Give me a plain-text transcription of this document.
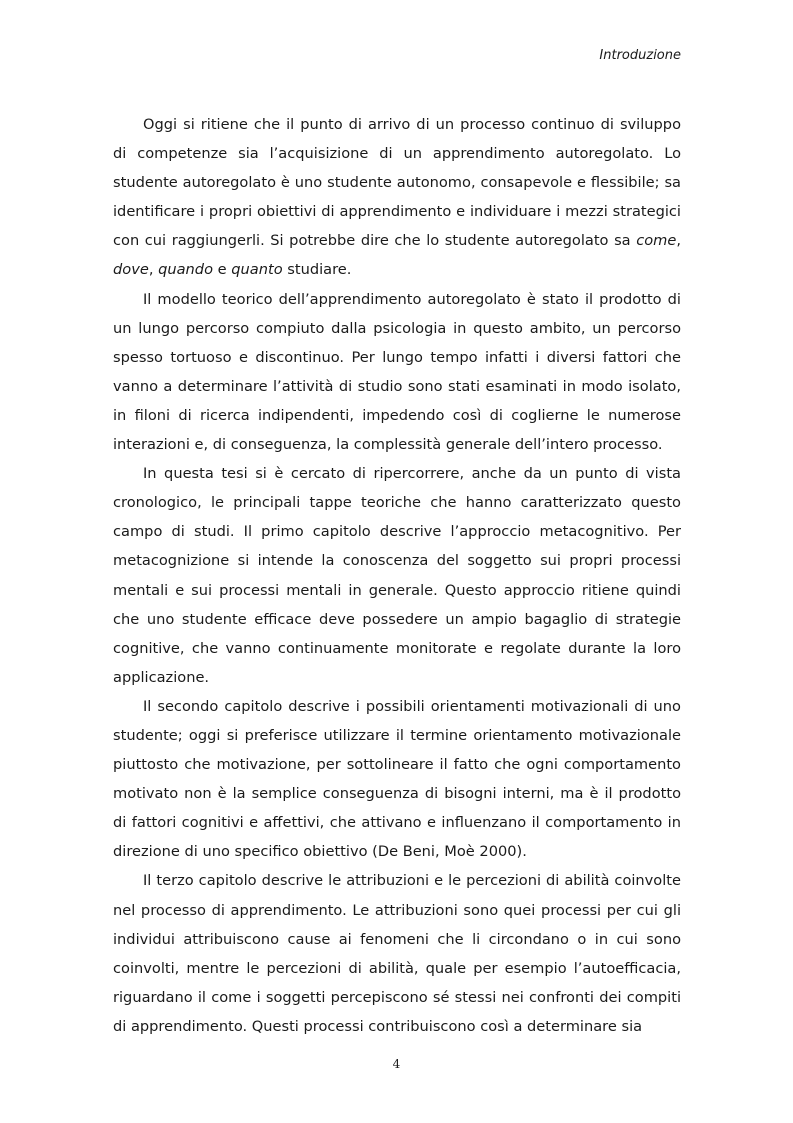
Introduzione

Oggi si ritiene che il punto di arrivo di un processo continuo di sviluppo di competenze sia l’acquisizione di un apprendimento autoregolato. Lo studente autoregolato è uno studente autonomo, consapevole e flessibile; sa identificare i propri obiettivi di apprendimento e individuare i mezzi strategici con cui raggiungerli. Si potrebbe dire che lo studente autoregolato sa come, dove, quando e quanto studiare.

Il modello teorico dell’apprendimento autoregolato è stato il prodotto di un lungo percorso compiuto dalla psicologia in questo ambito, un percorso spesso tortuoso e discontinuo. Per lungo tempo infatti i diversi fattori che vanno a determinare l’attività di studio sono stati esaminati in modo isolato, in filoni di ricerca indipendenti, impedendo così di coglierne le numerose interazioni e, di conseguenza, la complessità generale dell’intero processo.

In questa tesi si è cercato di ripercorrere, anche da un punto di vista cronologico, le principali tappe teoriche che hanno caratterizzato questo campo di studi. Il primo capitolo descrive l’approccio metacognitivo. Per metacognizione si intende la conoscenza del soggetto sui propri processi mentali e sui processi mentali in generale. Questo approccio ritiene quindi che uno studente efficace deve possedere un ampio bagaglio di strategie cognitive, che vanno continuamente monitorate e regolate durante la loro applicazione.

Il secondo capitolo descrive i possibili orientamenti motivazionali di uno studente; oggi si preferisce utilizzare il termine orientamento motivazionale piuttosto che motivazione, per sottolineare il fatto che ogni comportamento motivato non è la semplice conseguenza di bisogni interni, ma è il prodotto di fattori cognitivi e affettivi, che attivano e influenzano il comportamento in direzione di uno specifico obiettivo (De Beni, Moè 2000).

Il terzo capitolo descrive le attribuzioni e le percezioni di abilità coinvolte nel processo di apprendimento. Le attribuzioni sono quei processi per cui gli individui attribuiscono cause ai fenomeni che li circondano o in cui sono coinvolti, mentre le percezioni di abilità, quale per esempio l’autoefficacia, riguardano il come i soggetti percepiscono sé stessi nei confronti dei compiti di apprendimento. Questi processi contribuiscono così a determinare sia

4
